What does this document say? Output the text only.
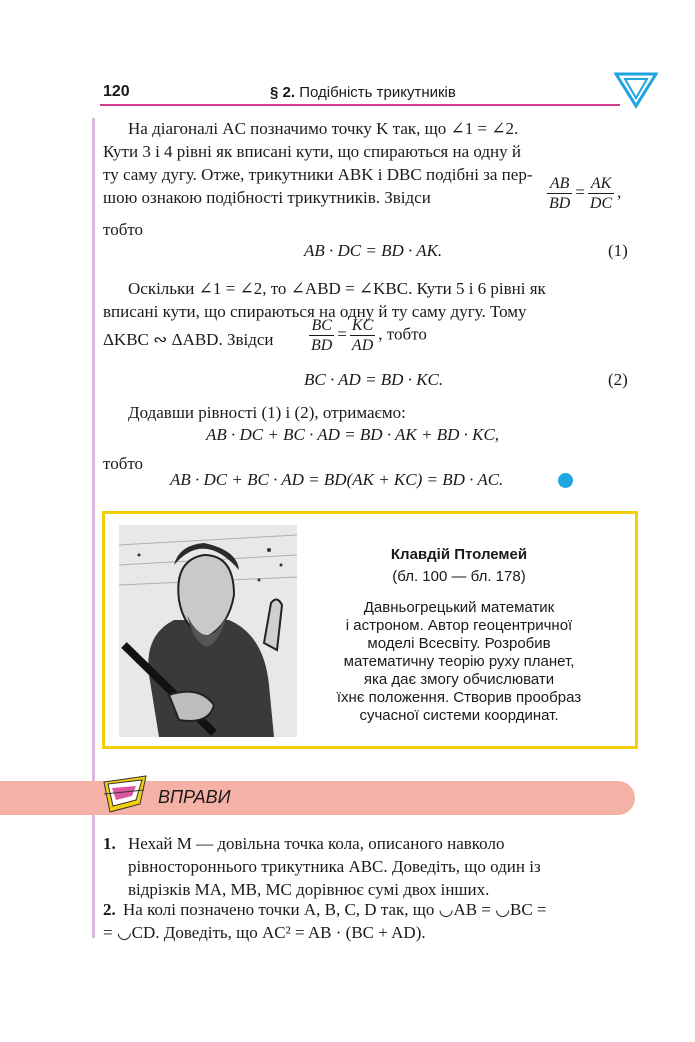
120	§ 2. Подібність трикутників
На діагоналі AC позначимо точку K так, що ∠1 = ∠2.
Кути 3 і 4 рівні як вписані кути, що спираються на одну й
ту саму дугу. Отже, трикутники ABK і DBC подібні за пер-
шою ознакою подібності трикутників. Звідси	$\frac{AB}{BD} = \frac{AK}{DC}$ ,
тобто
AB · DC = BD · AK.	(1)
Оскільки ∠1 = ∠2, то ∠ABD = ∠KBC. Кути 5 і 6 рівні як
вписані кути, що спираються на одну й ту саму дугу. Тому
ΔKBC ∾ ΔABD. Звідси $\frac{BC}{BD} = \frac{KC}{AD}$ , тобто
BC · AD = BD · KC.	(2)
Додавши рівності (1) і (2), отримаємо:
AB · DC + BC · AD = BD · AK + BD · KC,
тобто
AB · DC + BC · AD = BD(AK + KC) = BD · AC.
Клавдій Птолемей
(бл. 100 — бл. 178)
Давньогрецький математик
і астроном. Автор геоцентричної
моделі Всесвіту. Розробив
математичну теорію руху планет,
яка дає змогу обчислювати
їхнє положення. Створив прообраз
сучасної системи координат.
ВПРАВИ
1. Нехай M — довільна точка кола, описаного навколо
рівностороннього трикутника ABC. Доведіть, що один із
відрізків MA, MB, MC дорівнює сумі двох інших.
2. На колі позначено точки A, B, C, D так, що ◡AB = ◡BC =
= ◡CD. Доведіть, що AC² = AB · (BC + AD).
